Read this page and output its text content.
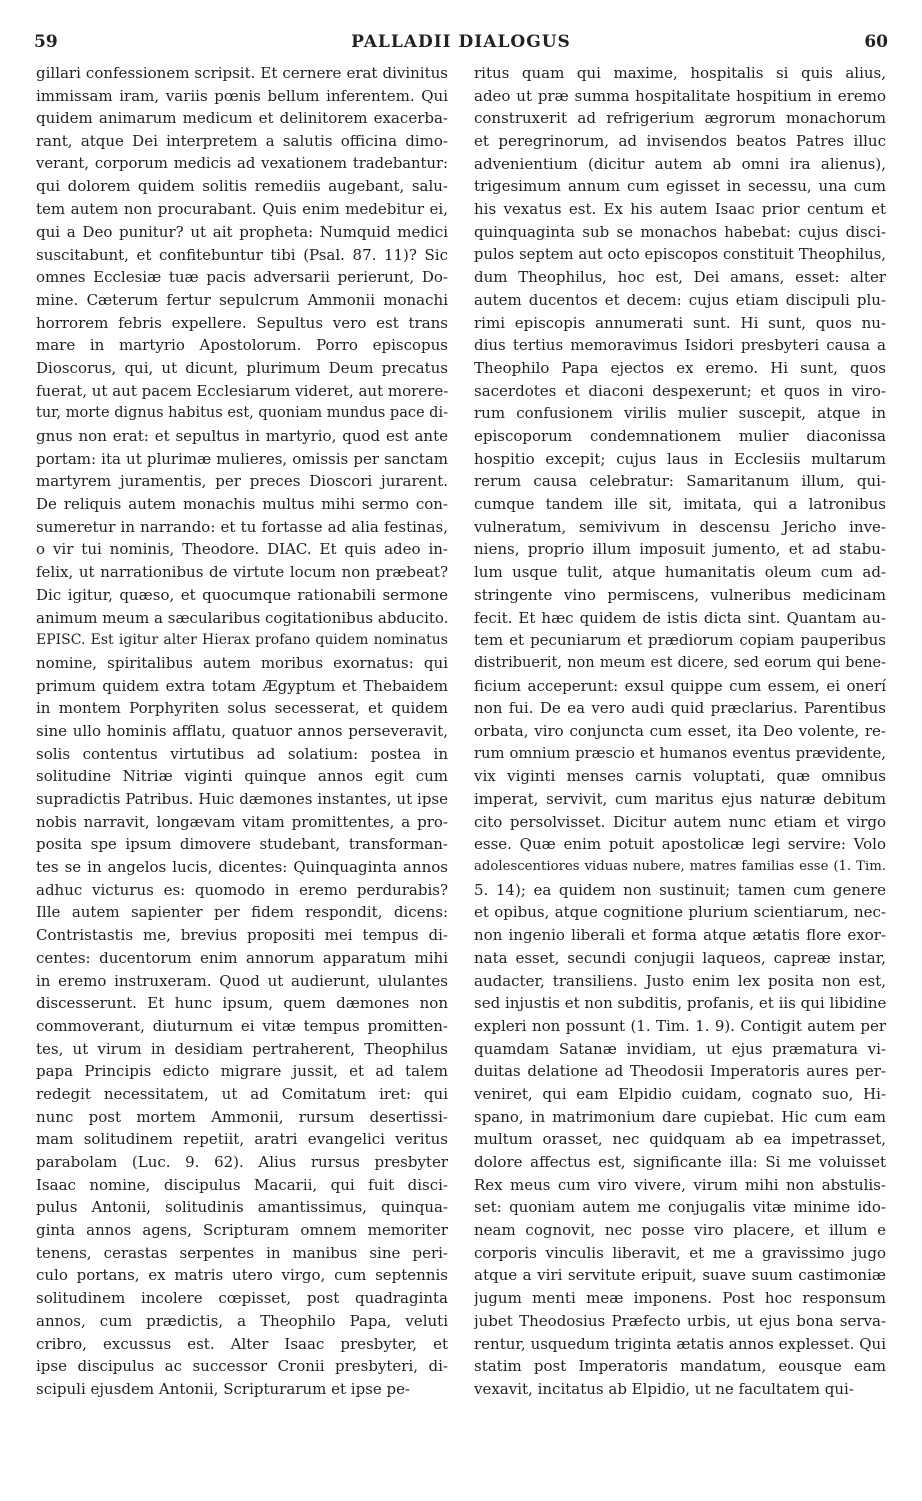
59	PALLADII DIALOGUS	60
gillari confessionem scripsit. Et cernere erat divinitus
immissam iram, variis pœnis bellum inferentem. Qui
quidem animarum medicum et delinitorem exacerba-
rant, atque Dei interpretem a salutis officina dimo-
verant, corporum medicis ad vexationem tradebantur:
qui dolorem quidem solitis remediis augebant, salu-
tem autem non procurabant. Quis enim medebitur ei,
qui a Deo punitur? ut ait propheta: Numquid medici
suscitabunt, et confitebuntur tibi (Psal. 87. 11)? Sic
omnes Ecclesiæ tuæ pacis adversarii perierunt, Do-
mine. Cæterum fertur sepulcrum Ammonii monachi
horrorem febris expellere. Sepultus vero est trans
mare in martyrio Apostolorum. Porro episcopus
Dioscorus, qui, ut dicunt, plurimum Deum precatus
fuerat, ut aut pacem Ecclesiarum videret, aut morere-
tur, morte dignus habitus est, quoniam mundus pace di-
gnus non erat: et sepultus in martyrio, quod est ante
portam: ita ut plurimæ mulieres, omissis per sanctam
martyrem juramentis, per preces Dioscori jurarent.
De reliquis autem monachis multus mihi sermo con-
sumeretur in narrando: et tu fortasse ad alia festinas,
o vir tui nominis, Theodore. DIAC. Et quis adeo in-
felix, ut narrationibus de virtute locum non præbeat?
Dic igitur, quæso, et quocumque rationabili sermone
animum meum a sæcularibus cogitationibus abducito.
EPISC. Est igitur alter Hierax profano quidem nominatus
nomine, spiritalibus autem moribus exornatus: qui
primum quidem extra totam Ægyptum et Thebaidem
in montem Porphyriten solus secesserat, et quidem
sine ullo hominis afflatu, quatuor annos perseveravit,
solis contentus virtutibus ad solatium: postea in
solitudine Nitriæ viginti quinque annos egit cum
supradictis Patribus. Huic dæmones instantes, ut ipse
nobis narravit, longævam vitam promittentes, a pro-
posita spe ipsum dimovere studebant, transforman-
tes se in angelos lucis, dicentes: Quinquaginta annos
adhuc victurus es: quomodo in eremo perdurabis?
Ille autem sapienter per fidem respondit, dicens:
Contristastis me, brevius propositi mei tempus di-
centes: ducentorum enim annorum apparatum mihi
in eremo instruxeram. Quod ut audierunt, ululantes
discesserunt. Et hunc ipsum, quem dæmones non
commoverant, diuturnum ei vitæ tempus promitten-
tes, ut virum in desidiam pertraherent, Theophilus
papa Principis edicto migrare jussit, et ad talem
redegit necessitatem, ut ad Comitatum iret: qui
nunc post mortem Ammonii, rursum desertissi-
mam solitudinem repetiit, aratri evangelici veritus
parabolam (Luc. 9. 62). Alius rursus presbyter
Isaac nomine, discipulus Macarii, qui fuit disci-
pulus Antonii, solitudinis amantissimus, quinqua-
ginta annos agens, Scripturam omnem memoriter
tenens, cerastas serpentes in manibus sine peri-
culo portans, ex matris utero virgo, cum septennis
solitudinem incolere cœpisset, post quadraginta
annos, cum prædictis, a Theophilo Papa, veluti
cribro, excussus est. Alter Isaac presbyter, et
ipse discipulus ac successor Cronii presbyteri, di-
scipuli ejusdem Antonii, Scripturarum et ipse pe-
ritus quam qui maxime, hospitalis si quis alius,
adeo ut præ summa hospitalitate hospitium in eremo
construxerit ad refrigerium ægrorum monachorum
et peregrinorum, ad invisendos beatos Patres illuc
advenientium (dicitur autem ab omni ira alienus),
trigesimum annum cum egisset in secessu, una cum
his vexatus est. Ex his autem Isaac prior centum et
quinquaginta sub se monachos habebat: cujus disci-
pulos septem aut octo episcopos constituit Theophilus,
dum Theophilus, hoc est, Dei amans, esset: alter
autem ducentos et decem: cujus etiam discipuli plu-
rimi episcopis annumerati sunt. Hi sunt, quos nu-
dius tertius memoravimus Isidori presbyteri causa a
Theophilo Papa ejectos ex eremo. Hi sunt, quos
sacerdotes et diaconi despexerunt; et quos in viro-
rum confusionem virilis mulier suscepit, atque in
episcoporum condemnationem mulier diaconissa
hospitio excepit; cujus laus in Ecclesiis multarum
rerum causa celebratur: Samaritanum illum, qui-
cumque tandem ille sit, imitata, qui a latronibus
vulneratum, semivivum in descensu Jericho inve-
niens, proprio illum imposuit jumento, et ad stabu-
lum usque tulit, atque humanitatis oleum cum ad-
stringente vino permiscens, vulneribus medicinam
fecit. Et hæc quidem de istis dicta sint. Quantam au-
tem et pecuniarum et prædiorum copiam pauperibus
distribuerit, non meum est dicere, sed eorum qui bene-
ficium acceperunt: exsul quippe cum essem, ei onerí
non fui. De ea vero audi quid præclarius. Parentibus
orbata, viro conjuncta cum esset, ita Deo volente, re-
rum omnium præscio et humanos eventus prævidente,
vix viginti menses carnis voluptati, quæ omnibus
imperat, servivit, cum maritus ejus naturæ debitum
cito persolvisset. Dicitur autem nunc etiam et virgo
esse. Quæ enim potuit apostolicæ legi servire: Volo
adolescentiores viduas nubere, matres familias esse (1. Tim.
5. 14); ea quidem non sustinuit; tamen cum genere
et opibus, atque cognitione plurium scientiarum, nec-
non ingenio liberali et forma atque ætatis flore exor-
nata esset, secundi conjugii laqueos, capreæ instar,
audacter, transiliens. Justo enim lex posita non est,
sed injustis et non subditis, profanis, et iis qui libidine
expleri non possunt (1. Tim. 1. 9). Contigit autem per
quamdam Satanæ invidiam, ut ejus præmatura vi-
duitas delatione ad Theodosii Imperatoris aures per-
veniret, qui eam Elpidio cuidam, cognato suo, Hi-
spano, in matrimonium dare cupiebat. Hic cum eam
multum orasset, nec quidquam ab ea impetrasset,
dolore affectus est, significante illa: Si me voluisset
Rex meus cum viro vivere, virum mihi non abstulis-
set: quoniam autem me conjugalis vitæ minime ido-
neam cognovit, nec posse viro placere, et illum e
corporis vinculis liberavit, et me a gravissimo jugo
atque a viri servitute eripuit, suave suum castimoniæ
jugum menti meæ imponens. Post hoc responsum
jubet Theodosius Præfecto urbis, ut ejus bona serva-
rentur, usquedum triginta ætatis annos explesset. Qui
statim post Imperatoris mandatum, eousque eam
vexavit, incitatus ab Elpidio, ut ne facultatem qui-
